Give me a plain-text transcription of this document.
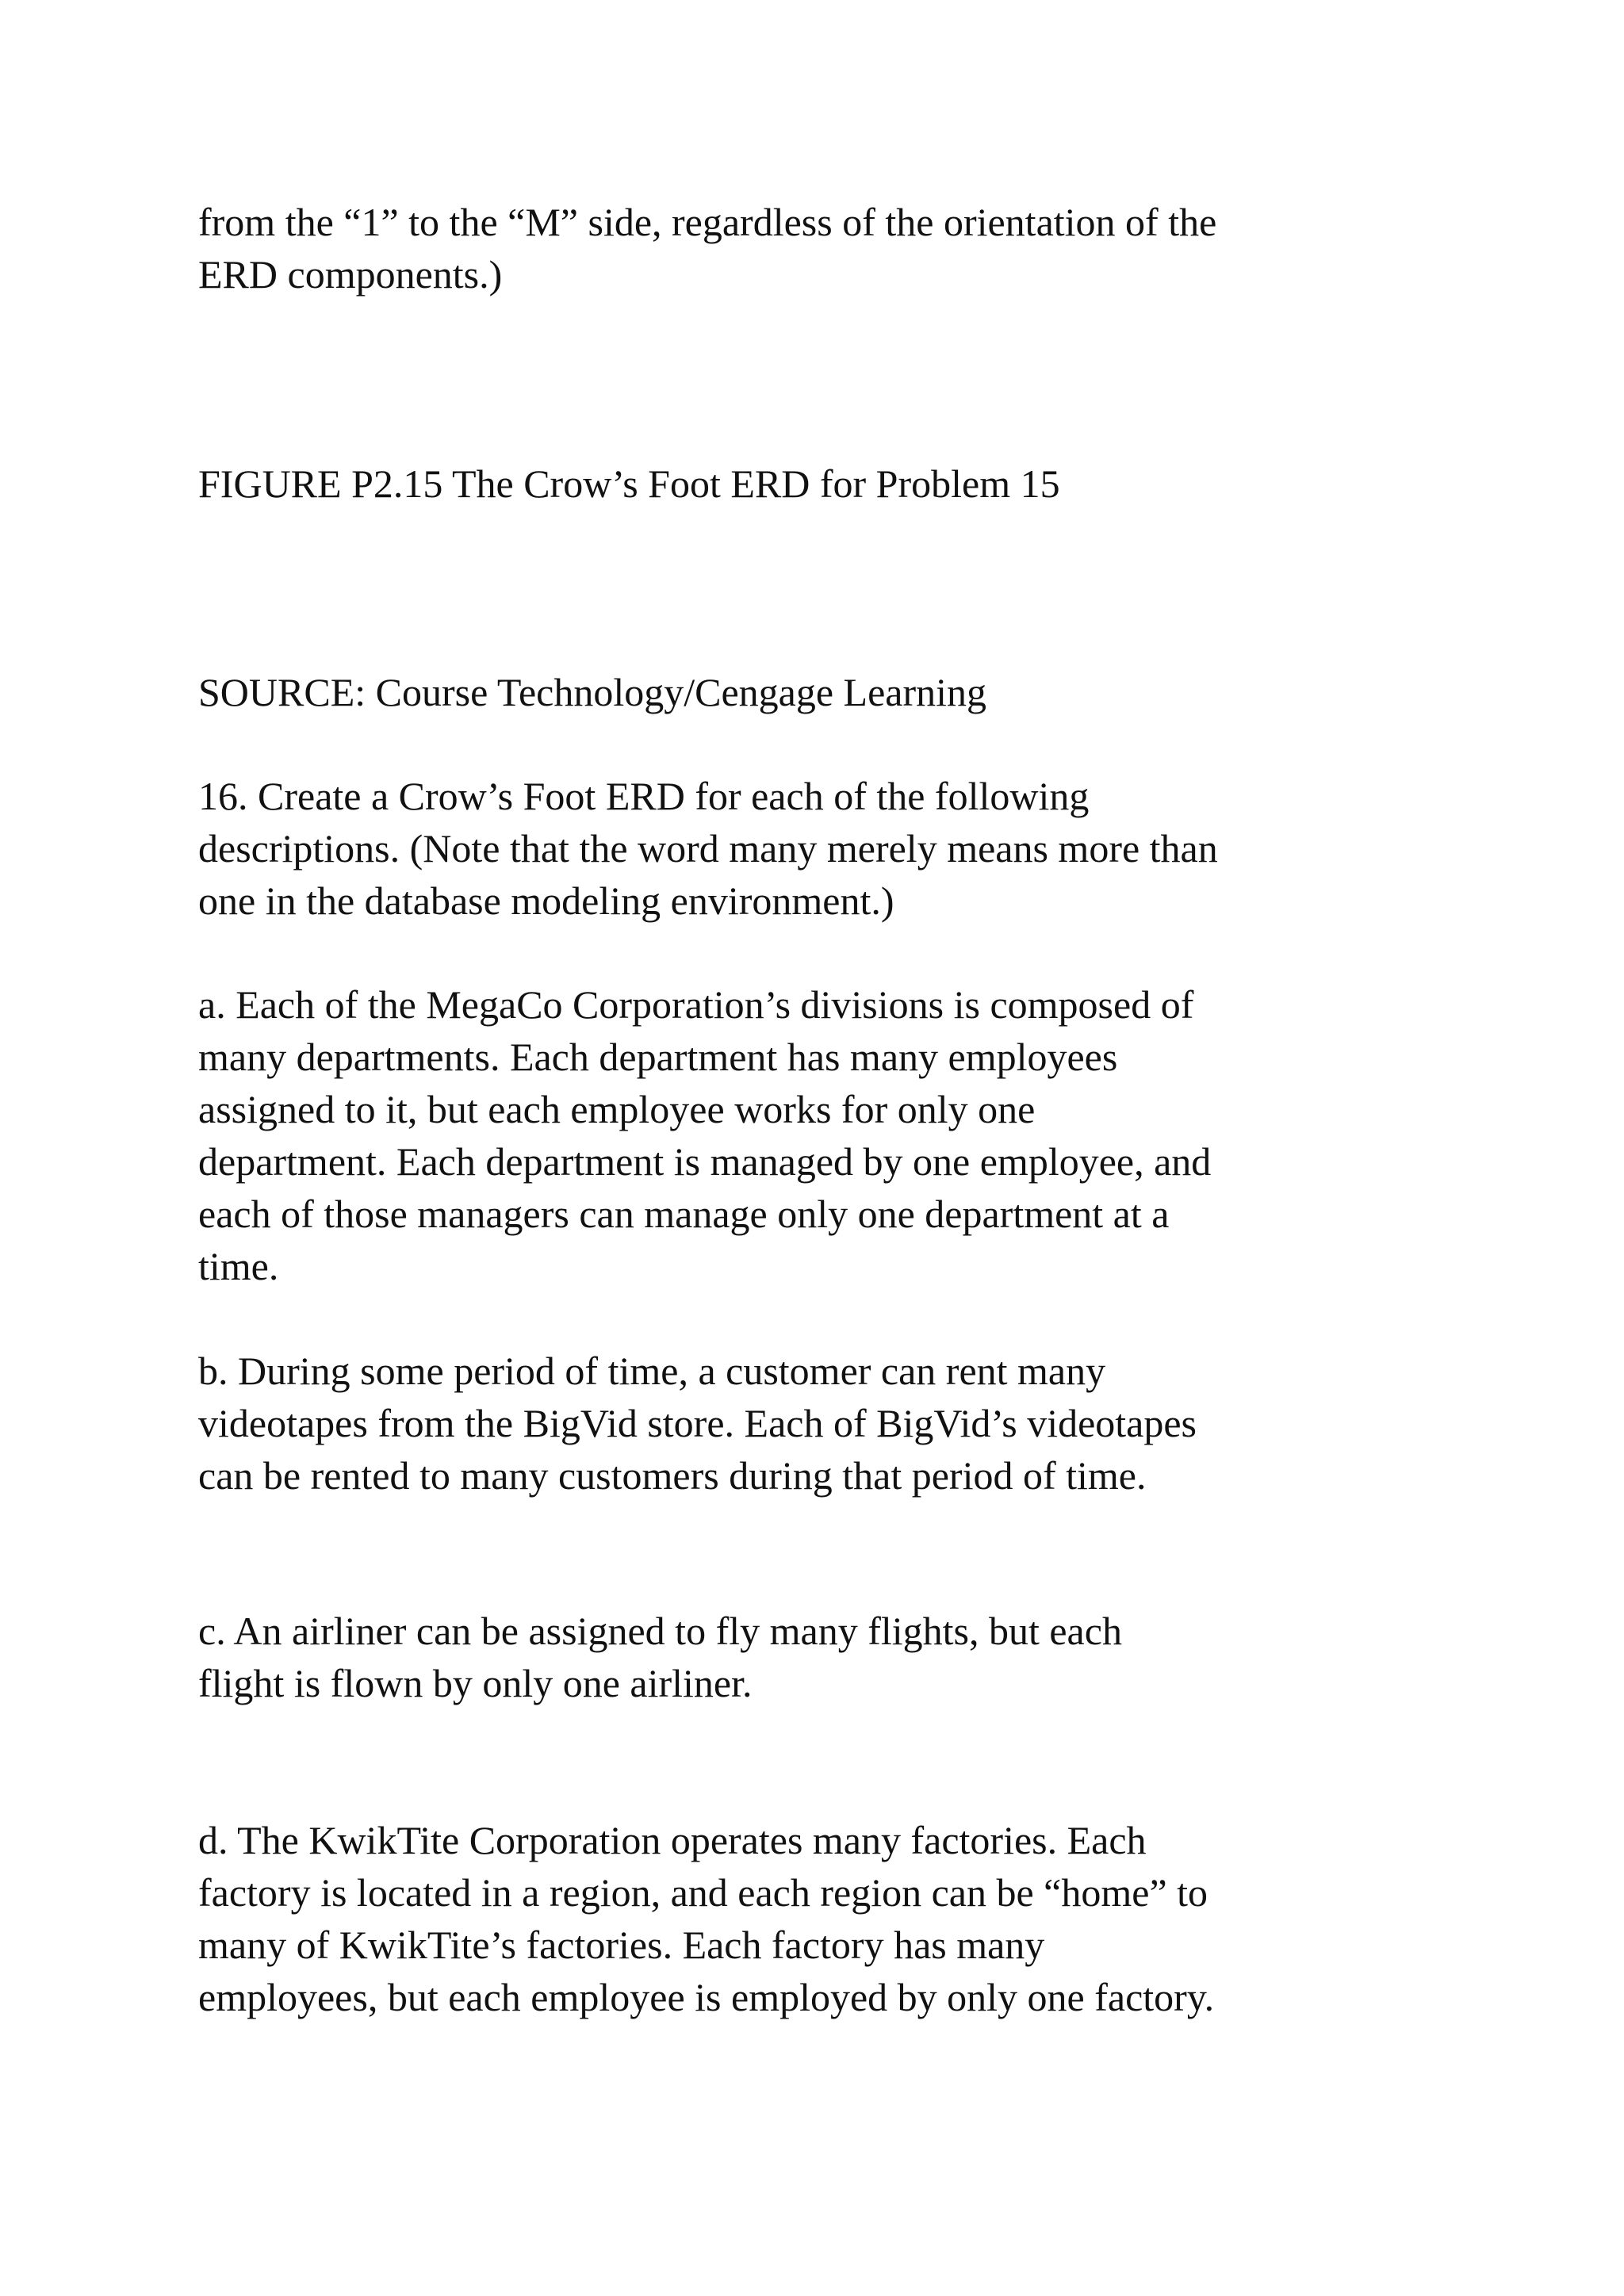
from the “1” to the “M” side, regardless of the orientation of the
ERD components.)

FIGURE P2.15 The Crow’s Foot ERD for Problem 15

SOURCE: Course Technology/Cengage Learning

16. Create a Crow’s Foot ERD for each of the following
descriptions. (Note that the word many merely means more than
one in the database modeling environment.)

a. Each of the MegaCo Corporation’s divisions is composed of
many departments. Each department has many employees
assigned to it, but each employee works for only one
department. Each department is managed by one employee, and
each of those managers can manage only one department at a
time.

b. During some period of time, a customer can rent many
videotapes from the BigVid store. Each of BigVid’s videotapes
can be rented to many customers during that period of time.

c. An airliner can be assigned to fly many flights, but each
flight is flown by only one airliner.

d. The KwikTite Corporation operates many factories. Each
factory is located in a region, and each region can be “home” to
many of KwikTite’s factories. Each factory has many
employees, but each employee is employed by only one factory.
